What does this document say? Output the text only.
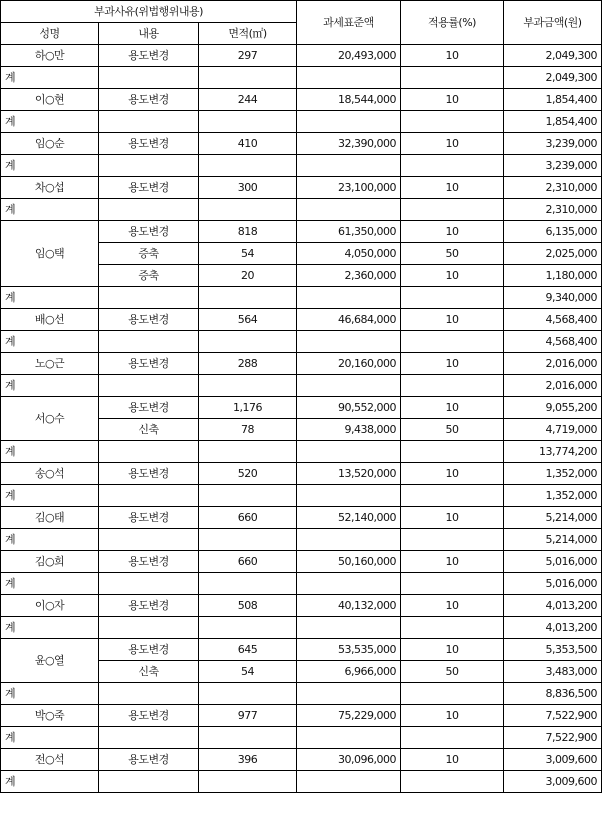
부과사유(위법행위내용)			과세표준액	적용률(%)	부과금액(원)
성명	내용	면적(㎡)			
하○만	용도변경	297	20,493,000	10	2,049,300
계					2,049,300
이○현	용도변경	244	18,544,000	10	1,854,400
계					1,854,400
임○순	용도변경	410	32,390,000	10	3,239,000
계					3,239,000
차○섭	용도변경	300	23,100,000	10	2,310,000
계					2,310,000
임○택	용도변경	818	61,350,000	10	6,135,000
	증축	54	4,050,000	50	2,025,000
	증축	20	2,360,000	10	1,180,000
계					9,340,000
배○선	용도변경	564	46,684,000	10	4,568,400
계					4,568,400
노○근	용도변경	288	20,160,000	10	2,016,000
계					2,016,000
서○수	용도변경	1,176	90,552,000	10	9,055,200
	신축	78	9,438,000	50	4,719,000
계					13,774,200
송○석	용도변경	520	13,520,000	10	1,352,000
계					1,352,000
김○태	용도변경	660	52,140,000	10	5,214,000
계					5,214,000
김○희	용도변경	660	50,160,000	10	5,016,000
계					5,016,000
이○자	용도변경	508	40,132,000	10	4,013,200
계					4,013,200
윤○열	용도변경	645	53,535,000	10	5,353,500
	신축	54	6,966,000	50	3,483,000
계					8,836,500
박○죽	용도변경	977	75,229,000	10	7,522,900
계					7,522,900
전○석	용도변경	396	30,096,000	10	3,009,600
계					3,009,600
